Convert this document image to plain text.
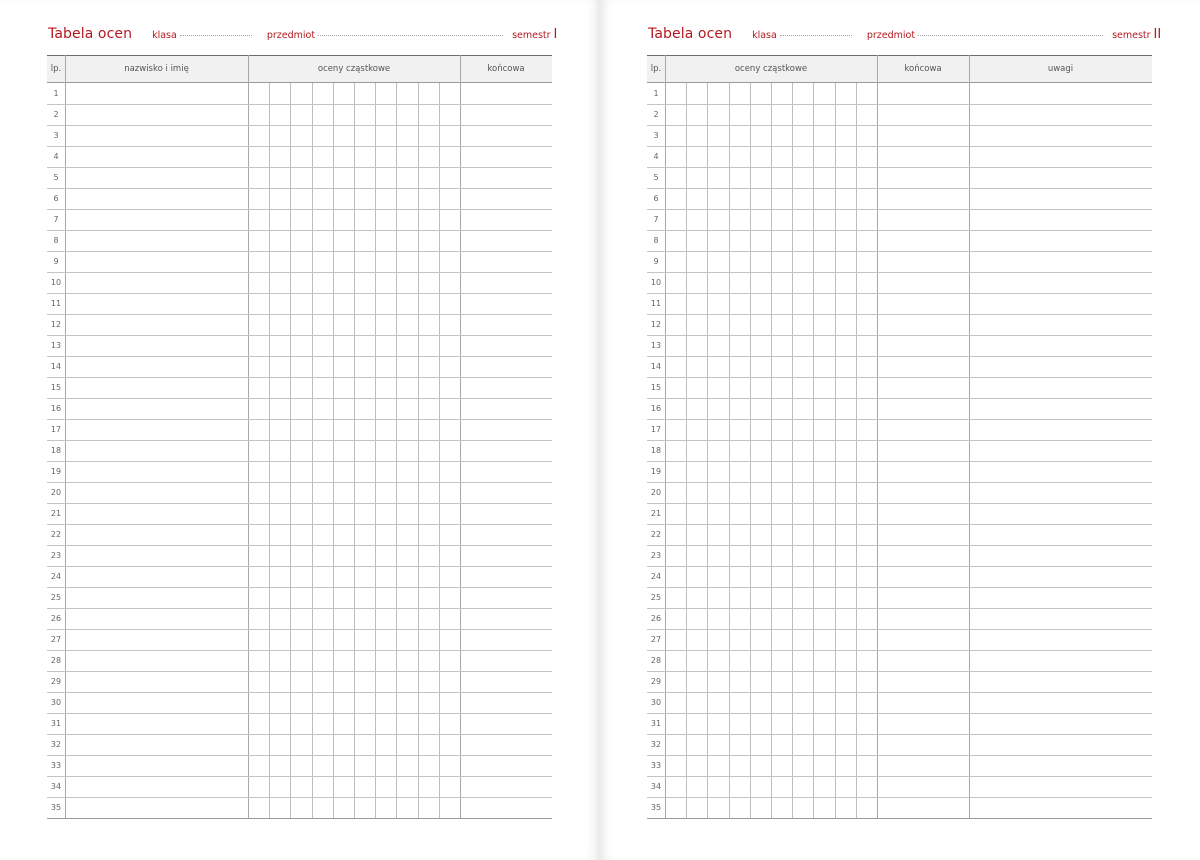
Tabela ocen klasa	przedmiot	semestr I
lp.	nazwisko i imię	oceny cząstkowe	końcowa
1
2
3
4
5
6
7
8
9
10
11
12
13
14
15
16
17
18
19
20
21
22
23
24
25
26
27
28
29
30
31
32
33
34
35
Tabela ocen klasa	przedmiot	semestr II
lp.	oceny cząstkowe	końcowa	uwagi
1
2
3
4
5
6
7
8
9
10
11
12
13
14
15
16
17
18
19
20
21
22
23
24
25
26
27
28
29
30
31
32
33
34
35
